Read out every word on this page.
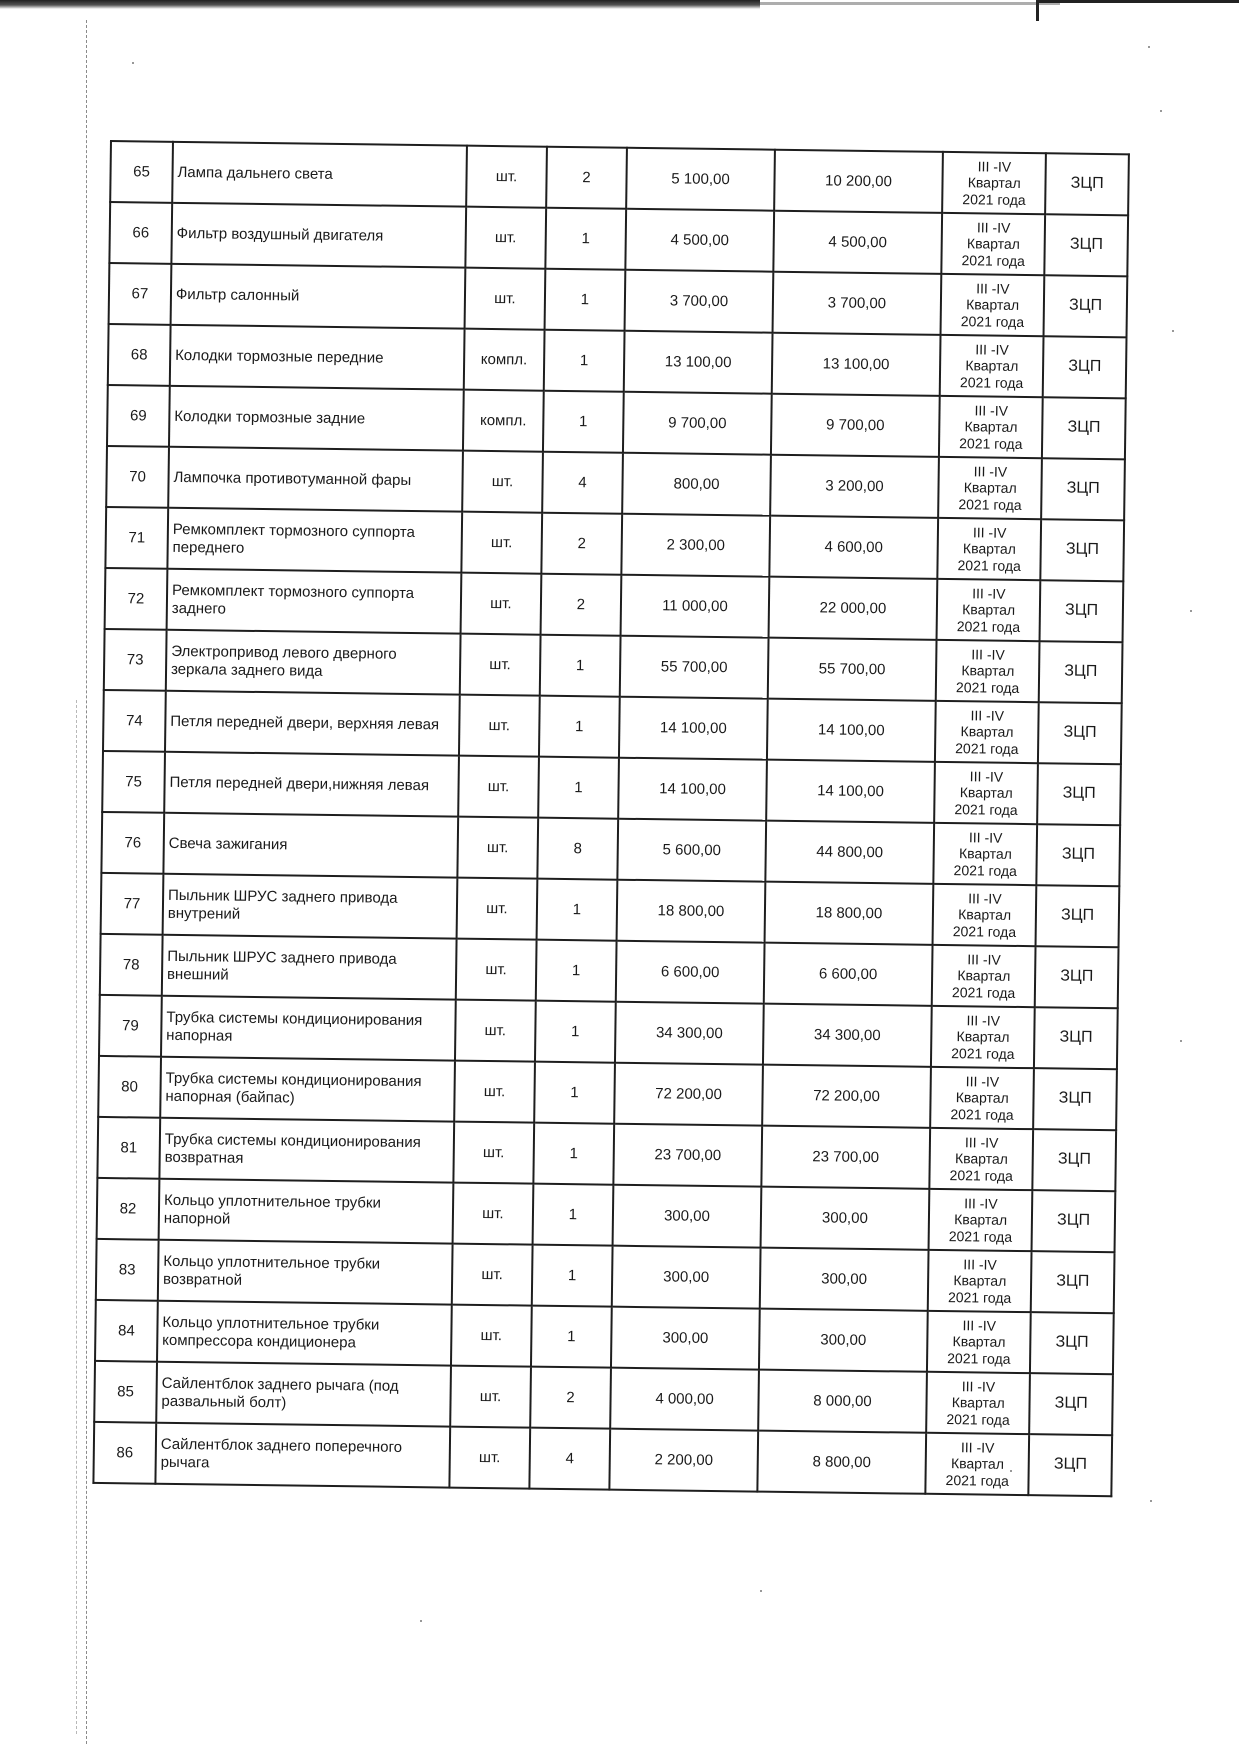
65	Лампа дальнего света	шт.	2	5 100,00	10 200,00	III -IV
Квартал
2021 года	ЗЦП
66	Фильтр воздушный двигателя	шт.	1	4 500,00	4 500,00	III -IV
Квартал
2021 года	ЗЦП
67	Фильтр салонный	шт.	1	3 700,00	3 700,00	III -IV
Квартал
2021 года	ЗЦП
68	Колодки тормозные передние	компл.	1	13 100,00	13 100,00	III -IV
Квартал
2021 года	ЗЦП
69	Колодки тормозные задние	компл.	1	9 700,00	9 700,00	III -IV
Квартал
2021 года	ЗЦП
70	Лампочка противотуманной фары	шт.	4	800,00	3 200,00	III -IV
Квартал
2021 года	ЗЦП
71	Ремкомплект тормозного суппорта переднего	шт.	2	2 300,00	4 600,00	III -IV
Квартал
2021 года	ЗЦП
72	Ремкомплект тормозного суппорта заднего	шт.	2	11 000,00	22 000,00	III -IV
Квартал
2021 года	ЗЦП
73	Электропривод левого дверного зеркала заднего вида	шт.	1	55 700,00	55 700,00	III -IV
Квартал
2021 года	ЗЦП
74	Петля передней двери, верхняя левая	шт.	1	14 100,00	14 100,00	III -IV
Квартал
2021 года	ЗЦП
75	Петля передней двери,нижняя левая	шт.	1	14 100,00	14 100,00	III -IV
Квартал
2021 года	ЗЦП
76	Свеча зажигания	шт.	8	5 600,00	44 800,00	III -IV
Квартал
2021 года	ЗЦП
77	Пыльник ШРУС заднего привода внутрений	шт.	1	18 800,00	18 800,00	III -IV
Квартал
2021 года	ЗЦП
78	Пыльник ШРУС заднего привода внешний	шт.	1	6 600,00	6 600,00	III -IV
Квартал
2021 года	ЗЦП
79	Трубка системы кондиционирования напорная	шт.	1	34 300,00	34 300,00	III -IV
Квартал
2021 года	ЗЦП
80	Трубка системы кондиционирования напорная (байпас)	шт.	1	72 200,00	72 200,00	III -IV
Квартал
2021 года	ЗЦП
81	Трубка системы кондиционирования возвратная	шт.	1	23 700,00	23 700,00	III -IV
Квартал
2021 года	ЗЦП
82	Кольцо уплотнительное трубки напорной	шт.	1	300,00	300,00	III -IV
Квартал
2021 года	ЗЦП
83	Кольцо уплотнительное трубки возвратной	шт.	1	300,00	300,00	III -IV
Квартал
2021 года	ЗЦП
84	Кольцо уплотнительное трубки компрессора кондиционера	шт.	1	300,00	300,00	III -IV
Квартал
2021 года	ЗЦП
85	Сайлентблок заднего рычага (под развальный болт)	шт.	2	4 000,00	8 000,00	III -IV
Квартал
2021 года	ЗЦП
86	Сайлентблок заднего поперечного рычага	шт.	4	2 200,00	8 800,00	III -IV
Квартал
2021 года	ЗЦП
